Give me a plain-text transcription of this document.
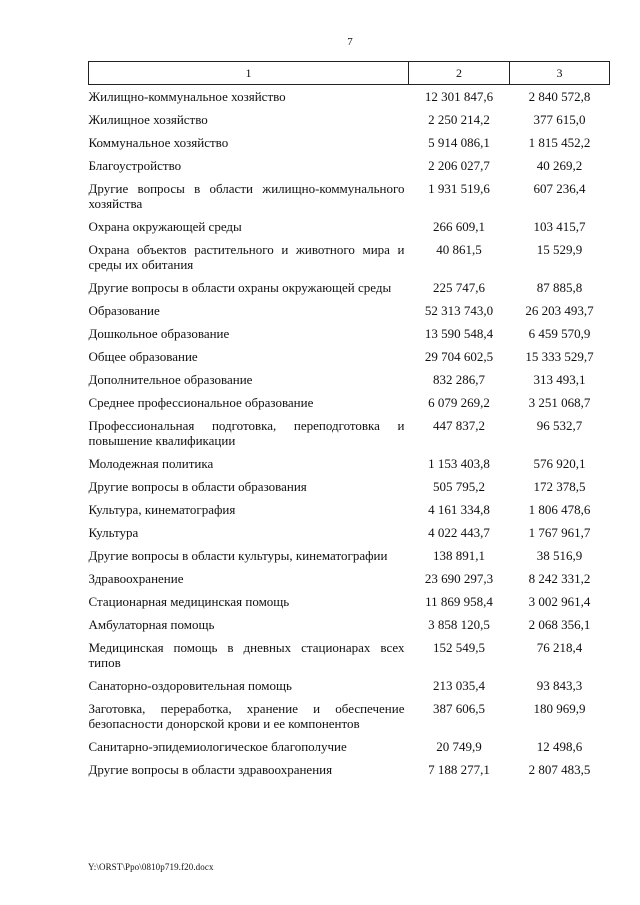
7
1	2	3
Жилищно-коммунальное хозяйство	12 301 847,6	2 840 572,8
Жилищное хозяйство	2 250 214,2	377 615,0
Коммунальное хозяйство	5 914 086,1	1 815 452,2
Благоустройство	2 206 027,7	40 269,2
Другие вопросы в области жилищно-коммунального хозяйства	1 931 519,6	607 236,4
Охрана окружающей среды	266 609,1	103 415,7
Охрана объектов растительного и животного мира и среды их обитания	40 861,5	15 529,9
Другие вопросы в области охраны окружающей среды	225 747,6	87 885,8
Образование	52 313 743,0	26 203 493,7
Дошкольное образование	13 590 548,4	6 459 570,9
Общее образование	29 704 602,5	15 333 529,7
Дополнительное образование	832 286,7	313 493,1
Среднее профессиональное образование	6 079 269,2	3 251 068,7
Профессиональная подготовка, переподготовка и повышение квалификации	447 837,2	96 532,7
Молодежная политика	1 153 403,8	576 920,1
Другие вопросы в области образования	505 795,2	172 378,5
Культура, кинематография	4 161 334,8	1 806 478,6
Культура	4 022 443,7	1 767 961,7
Другие вопросы в области культуры, кинематографии	138 891,1	38 516,9
Здравоохранение	23 690 297,3	8 242 331,2
Стационарная медицинская помощь	11 869 958,4	3 002 961,4
Амбулаторная помощь	3 858 120,5	2 068 356,1
Медицинская помощь в дневных стационарах всех типов	152 549,5	76 218,4
Санаторно-оздоровительная помощь	213 035,4	93 843,3
Заготовка, переработка, хранение и обеспечение безопасности донорской крови и ее компонентов	387 606,5	180 969,9
Санитарно-эпидемиологическое благополучие	20 749,9	12 498,6
Другие вопросы в области здравоохранения	7 188 277,1	2 807 483,5
Y:\ORST\Ppo\0810p719.f20.docx
